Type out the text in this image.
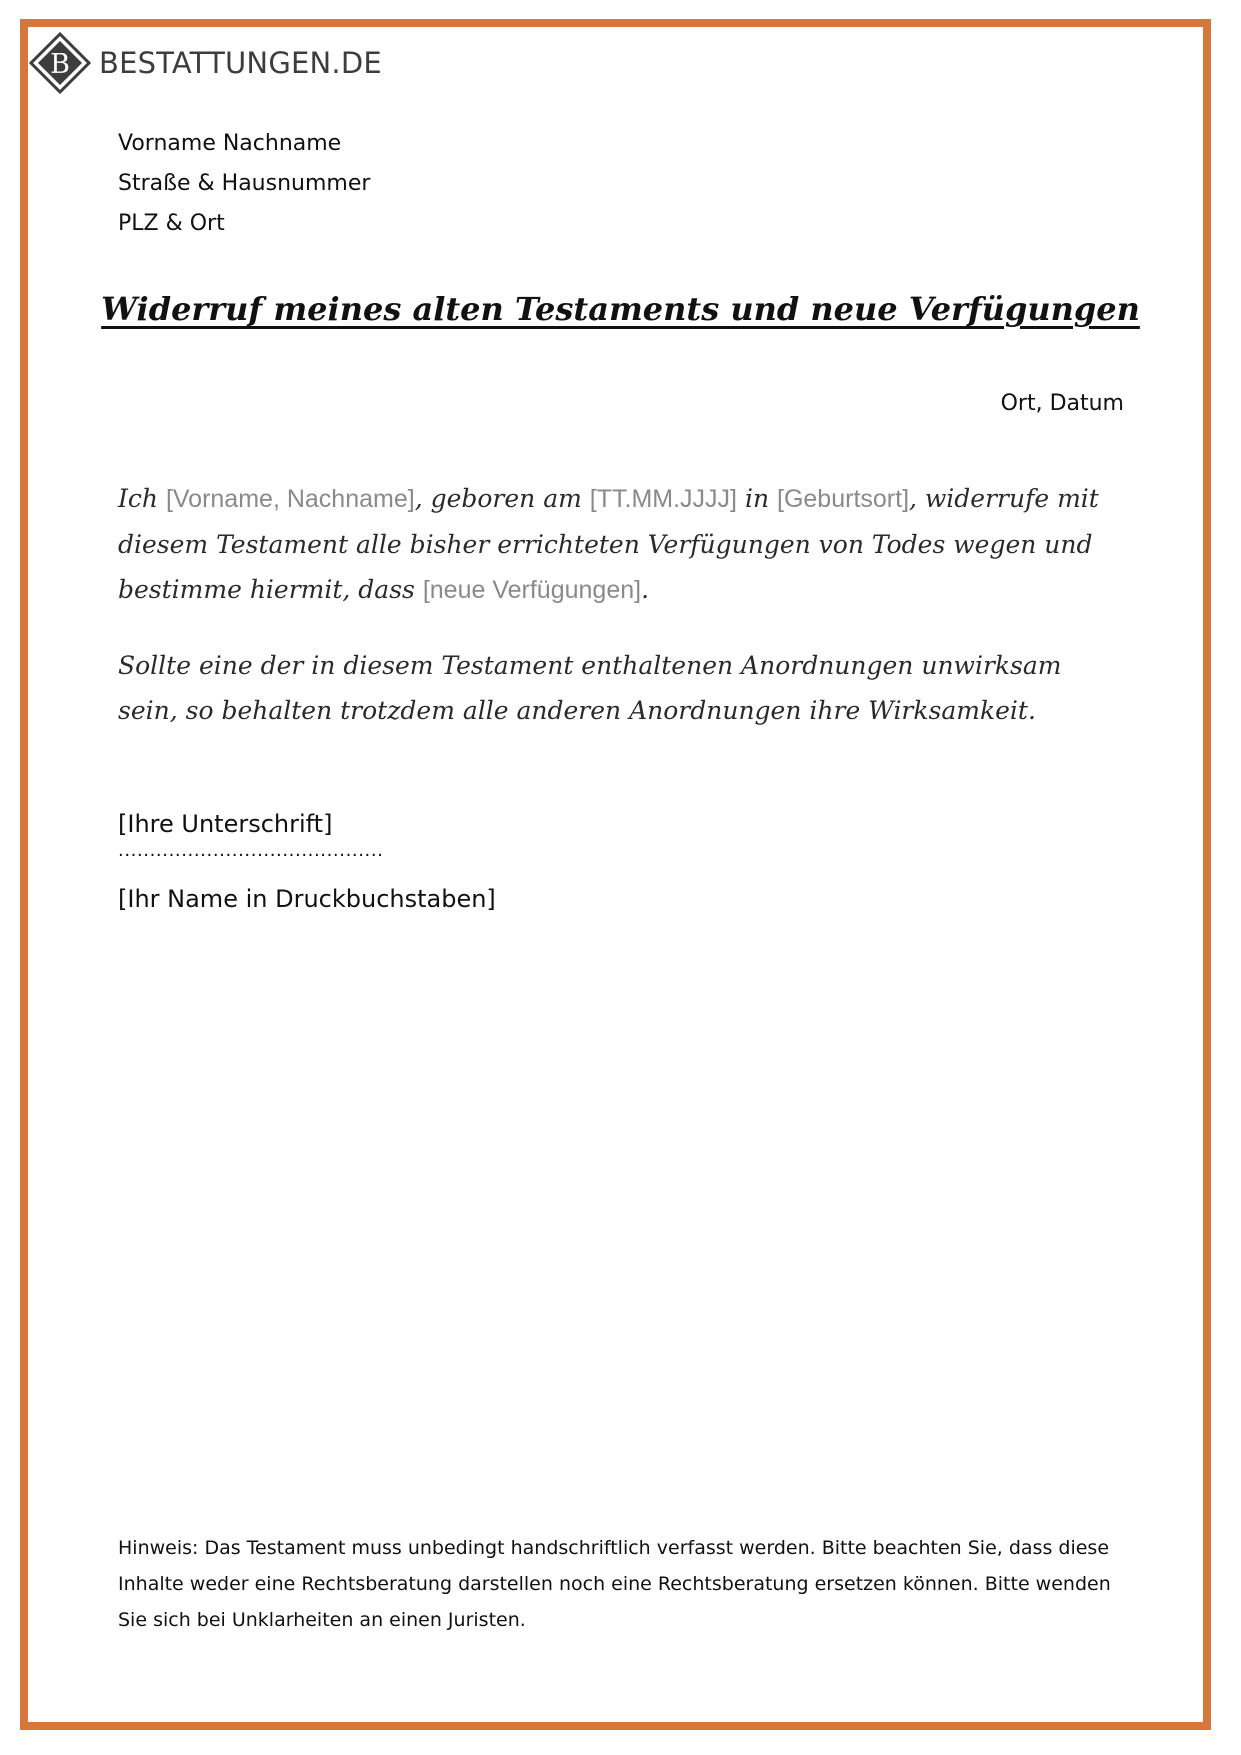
B BESTATTUNGEN.DE
Vorname Nachname
Straße & Hausnummer
PLZ & Ort
Widerruf meines alten Testaments und neue Verfügungen
Ort, Datum
Ich [Vorname, Nachname], geboren am [TT.MM.JJJJ] in [Geburtsort], widerrufe mit diesem Testament alle bisher errichteten Verfügungen von Todes wegen und bestimme hiermit, dass [neue Verfügungen].
Sollte eine der in diesem Testament enthaltenen Anordnungen unwirksam sein, so behalten trotzdem alle anderen Anordnungen ihre Wirksamkeit.
[Ihre Unterschrift]
..........................................
[Ihr Name in Druckbuchstaben]
Hinweis: Das Testament muss unbedingt handschriftlich verfasst werden. Bitte beachten Sie, dass diese Inhalte weder eine Rechtsberatung darstellen noch eine Rechtsberatung ersetzen können. Bitte wenden Sie sich bei Unklarheiten an einen Juristen.
